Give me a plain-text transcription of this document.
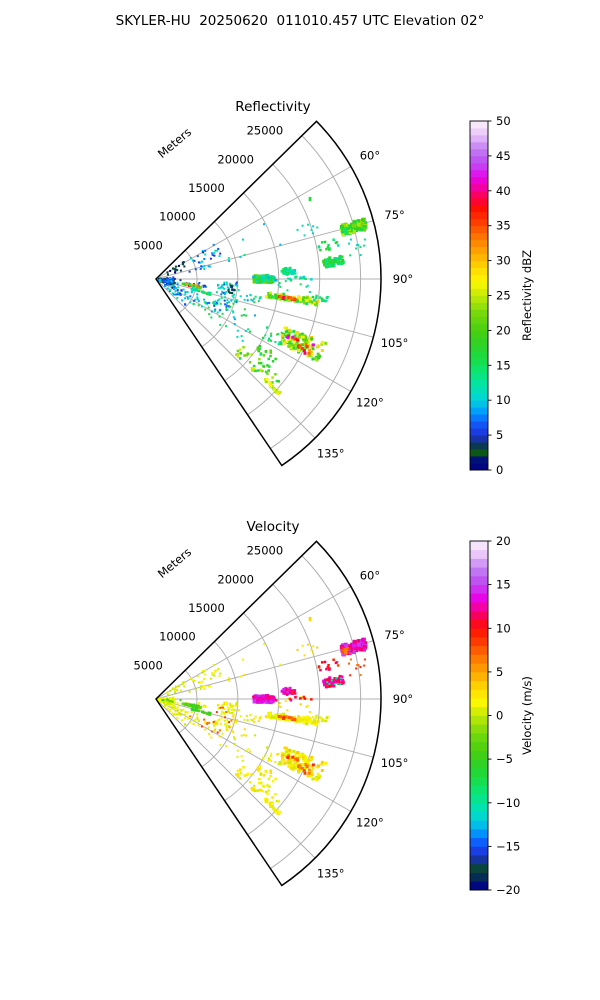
SKYLER-HU  20250620  011010.457 UTC Elevation 02°
60°
75°
90°
105°
120°
135°
5000
10000
15000
20000
25000
Meters
Reflectivity
0
5
10
15
20
25
30
35
40
45
50
Reflectivity dBZ
60°
75°
90°
105°
120°
135°
5000
10000
15000
20000
25000
Meters
Velocity
−20
−15
−10
−5
0
5
10
15
20
Velocity (m/s)
